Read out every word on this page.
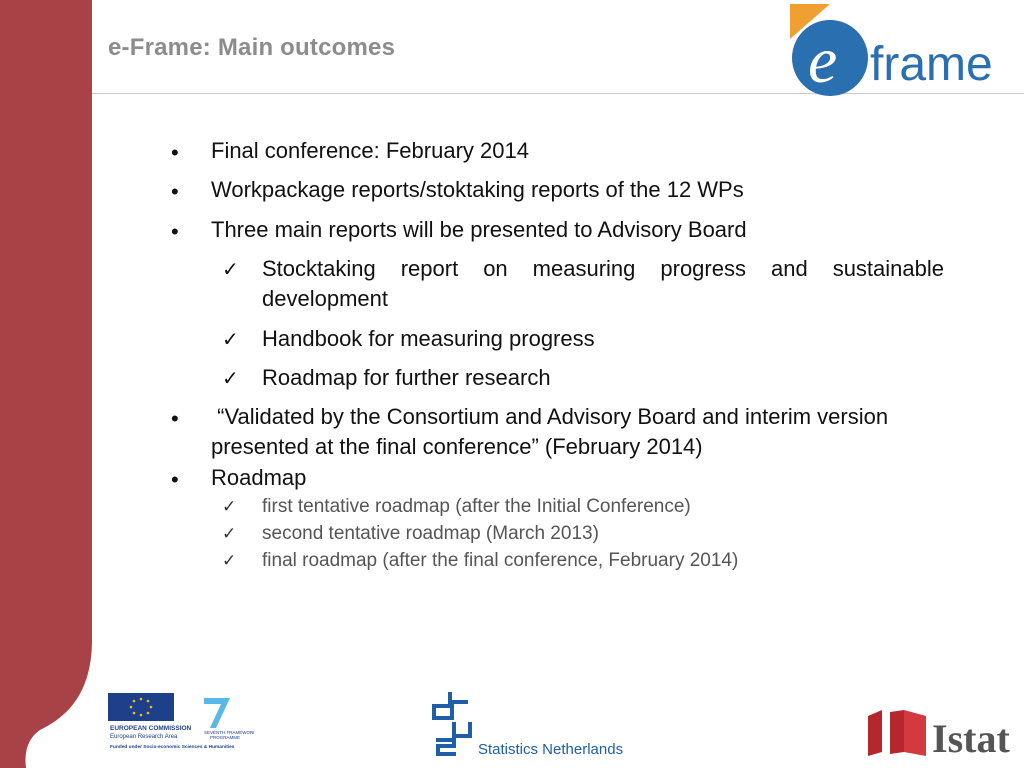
e-Frame: Main outcomes	e frame
• Final conference: February 2014
• Workpackage reports/stoktaking reports of the 12 WPs
• Three main reports will be presented to Advisory Board
✓ Stocktaking report on measuring progress and sustainable development
✓ Handbook for measuring progress
✓ Roadmap for further research
• “Validated by the Consortium and Advisory Board and interim version presented at the final conference” (February 2014)
• Roadmap
✓ first tentative roadmap (after the Initial Conference)
✓ second tentative roadmap (March 2013)
✓ final roadmap (after the final conference, February 2014)
SEVENTH FRAMEWORK
PROGRAMME
EUROPEAN COMMISSION
European Research Area
Funded under Socio-economic Sciences & Humanities	Statistics Netherlands	Istat
